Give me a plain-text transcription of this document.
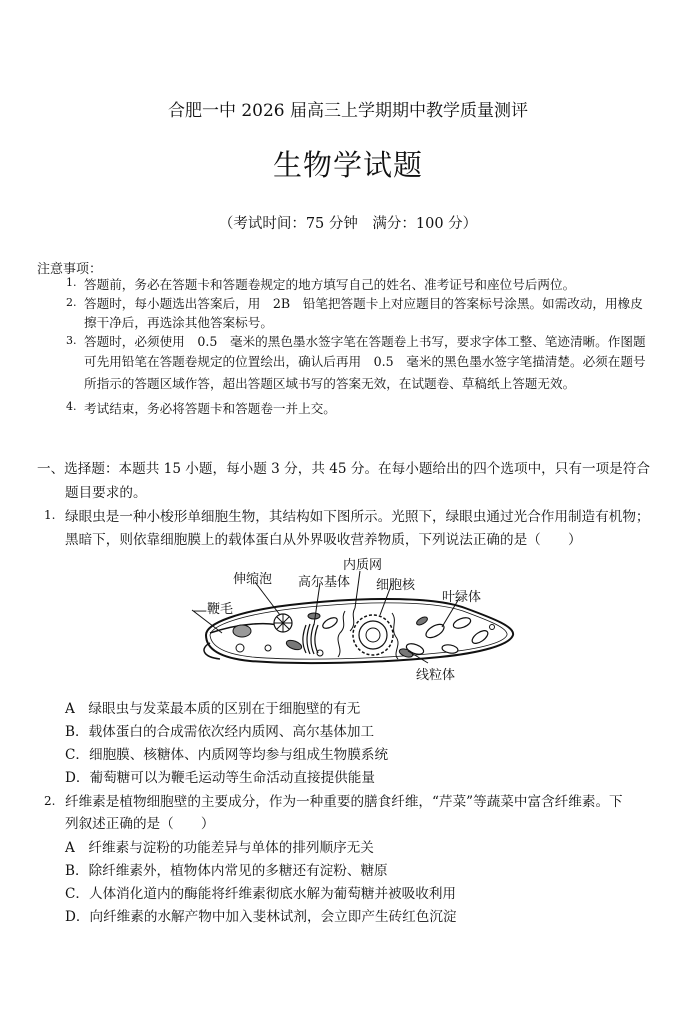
合肥一中 2026 届高三上学期期中教学质量测评
生物学试题
（考试时间：75 分钟　满分：100 分）
注意事项：
1. 答题前，务必在答题卡和答题卷规定的地方填写自己的姓名、准考证号和座位号后两位。
2. 答题时，每小题选出答案后，用　2B　铅笔把答题卡上对应题目的答案标号涂黑。如需改动，用橡皮
擦干净后，再选涂其他答案标号。
3. 答题时，必须使用　0.5　毫米的黑色墨水签字笔在答题卷上书写，要求字体工整、笔迹清晰。作图题
可先用铅笔在答题卷规定的位置绘出，确认后再用　0.5　毫米的黑色墨水签字笔描清楚。必须在题号
所指示的答题区域作答，超出答题区域书写的答案无效，在试题卷、草稿纸上答题无效。
4. 考试结束，务必将答题卡和答题卷一并上交。
一、选择题：本题共 15 小题，每小题 3 分，共 45 分。在每小题给出的四个选项中，只有一项是符合
题目要求的。
1. 绿眼虫是一种小梭形单细胞生物，其结构如下图所示。光照下，绿眼虫通过光合作用制造有机物；
黑暗下，则依靠细胞膜上的载体蛋白从外界吸收营养物质，下列说法正确的是（　　）
伸缩泡 高尔基体
内质网
细胞核
叶绿体
鞭毛
线粒体
—
A　绿眼虫与发菜最本质的区别在于细胞壁的有无
B．载体蛋白的合成需依次经内质网、高尔基体加工
C．细胞膜、核糖体、内质网等均参与组成生物膜系统
D．葡萄糖可以为鞭毛运动等生命活动直接提供能量
2. 纤维素是植物细胞壁的主要成分，作为一种重要的膳食纤维，“芹菜”等蔬菜中富含纤维素。下
列叙述正确的是（　　）
A　纤维素与淀粉的功能差异与单体的排列顺序无关
B．除纤维素外，植物体内常见的多糖还有淀粉、糖原
C．人体消化道内的酶能将纤维素彻底水解为葡萄糖并被吸收利用
D．向纤维素的水解产物中加入斐林试剂，会立即产生砖红色沉淀
